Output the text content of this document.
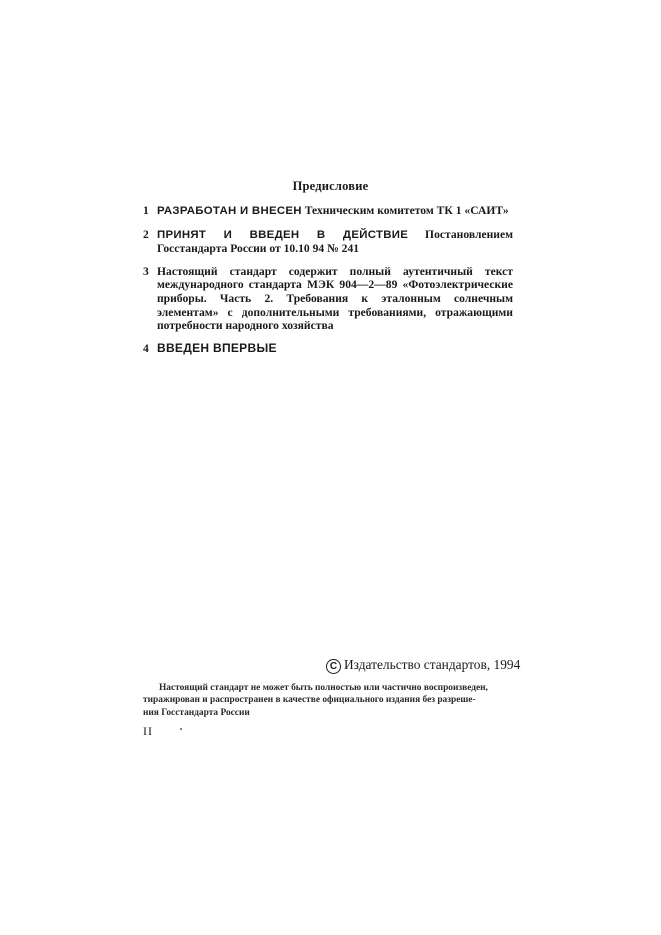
Предисловие
1 РАЗРАБОТАН И ВНЕСЕН Техническим комитетом ТК 1 «САИТ»
2 ПРИНЯТ И ВВЕДЕН В ДЕЙСТВИЕ Постановлением Госстандарта России от 10.10 94 № 241
3 Настоящий стандарт содержит полный аутентичный текст международного стандарта МЭК 904—2—89 «Фотоэлектрические приборы. Часть 2. Требования к эталонным солнечным элементам» с дополнительными требованиями, отражающими потребности народного хозяйства
4 ВВЕДЕН ВПЕРВЫЕ
C Издательство стандартов, 1994
Настоящий стандарт не может быть полностью или частично воспроизведен,
тиражирован и распространен в качестве официального издания без разреше-
ния Госстандарта России
II
